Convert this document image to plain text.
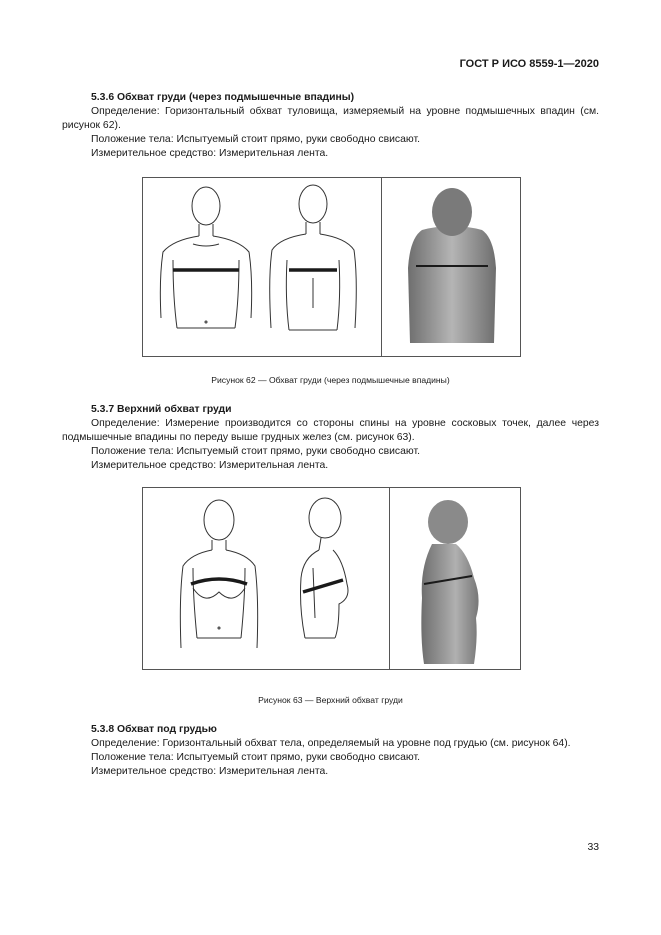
ГОСТ Р ИСО 8559-1—2020
5.3.6 Обхват груди (через подмышечные впадины)
Определение: Горизонтальный обхват туловища, измеряемый на уровне подмышечных впадин (см. рисунок 62).
Положение тела: Испытуемый стоит прямо, руки свободно свисают.
Измерительное средство: Измерительная лента.
Рисунок 62 — Обхват груди (через подмышечные впадины)
5.3.7 Верхний обхват груди
Определение: Измерение производится со стороны спины на уровне сосковых точек, далее через подмышечные впадины по переду выше грудных желез (см. рисунок 63).
Положение тела: Испытуемый стоит прямо, руки свободно свисают.
Измерительное средство: Измерительная лента.
Рисунок 63 — Верхний обхват груди
5.3.8 Обхват под грудью
Определение: Горизонтальный обхват тела, определяемый на уровне под грудью (см. рисунок 64).
Положение тела: Испытуемый стоит прямо, руки свободно свисают.
Измерительное средство: Измерительная лента.
33
